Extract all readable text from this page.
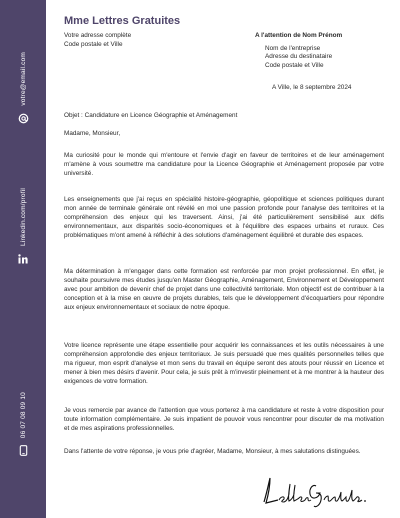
votre@email.com
Linkedin.com/profil
06 07 08 09 10
Mme Lettres Gratuites
Votre adresse complète
Code postale et Ville
A l'attention de Nom Prénom
Nom de l'entreprise
Adresse du destinataire
Code postale et Ville
A Ville, le 8 septembre 2024
Objet : Candidature en Licence Géographie et Aménagement
Madame, Monsieur,

Ma curiosité pour le monde qui m'entoure et l'envie d'agir en faveur de territoires et de leur aménagement m'amène à vous soumettre ma candidature pour la Licence Géographie et Aménagement proposée par votre université.

Les enseignements que j'ai reçus en spécialité histoire-géographie, géopolitique et sciences politiques durant mon année de terminale générale ont révélé en moi une passion profonde pour l'analyse des territoires et la compréhension des enjeux qui les traversent. Ainsi, j'ai été particulièrement sensibilisé aux défis environnementaux, aux disparités socio-économiques et à l'équilibre des espaces urbains et ruraux. Ces problématiques m'ont amené à réfléchir à des solutions d'aménagement équilibré et durable des espaces.

Ma détermination à m'engager dans cette formation est renforcée par mon projet professionnel. En effet, je souhaite poursuivre mes études jusqu'en Master Géographie, Aménagement, Environnement et Développement avec pour ambition de devenir chef de projet dans une collectivité territoriale. Mon objectif est de contribuer à la conception et à la mise en œuvre de projets durables, tels que le développement d'écoquartiers pour répondre aux enjeux environnementaux et sociaux de notre époque.

Votre licence représente une étape essentielle pour acquérir les connaissances et les outils nécessaires à une compréhension approfondie des enjeux territoriaux. Je suis persuadé que mes qualités personnelles telles que ma rigueur, mon esprit d'analyse et mon sens du travail en équipe seront des atouts pour réussir en Licence et mener à bien mes désirs d'avenir. Pour cela, je suis prêt à m'investir pleinement et à me montrer à la hauteur des exigences de votre formation.

Je vous remercie par avance de l'attention que vous porterez à ma candidature et reste à votre disposition pour toute information complémentaire. Je suis impatient de pouvoir vous rencontrer pour discuter de ma motivation et de mes aspirations professionnelles.

Dans l'attente de votre réponse, je vous prie d'agréer, Madame, Monsieur, à mes salutations distinguées.
